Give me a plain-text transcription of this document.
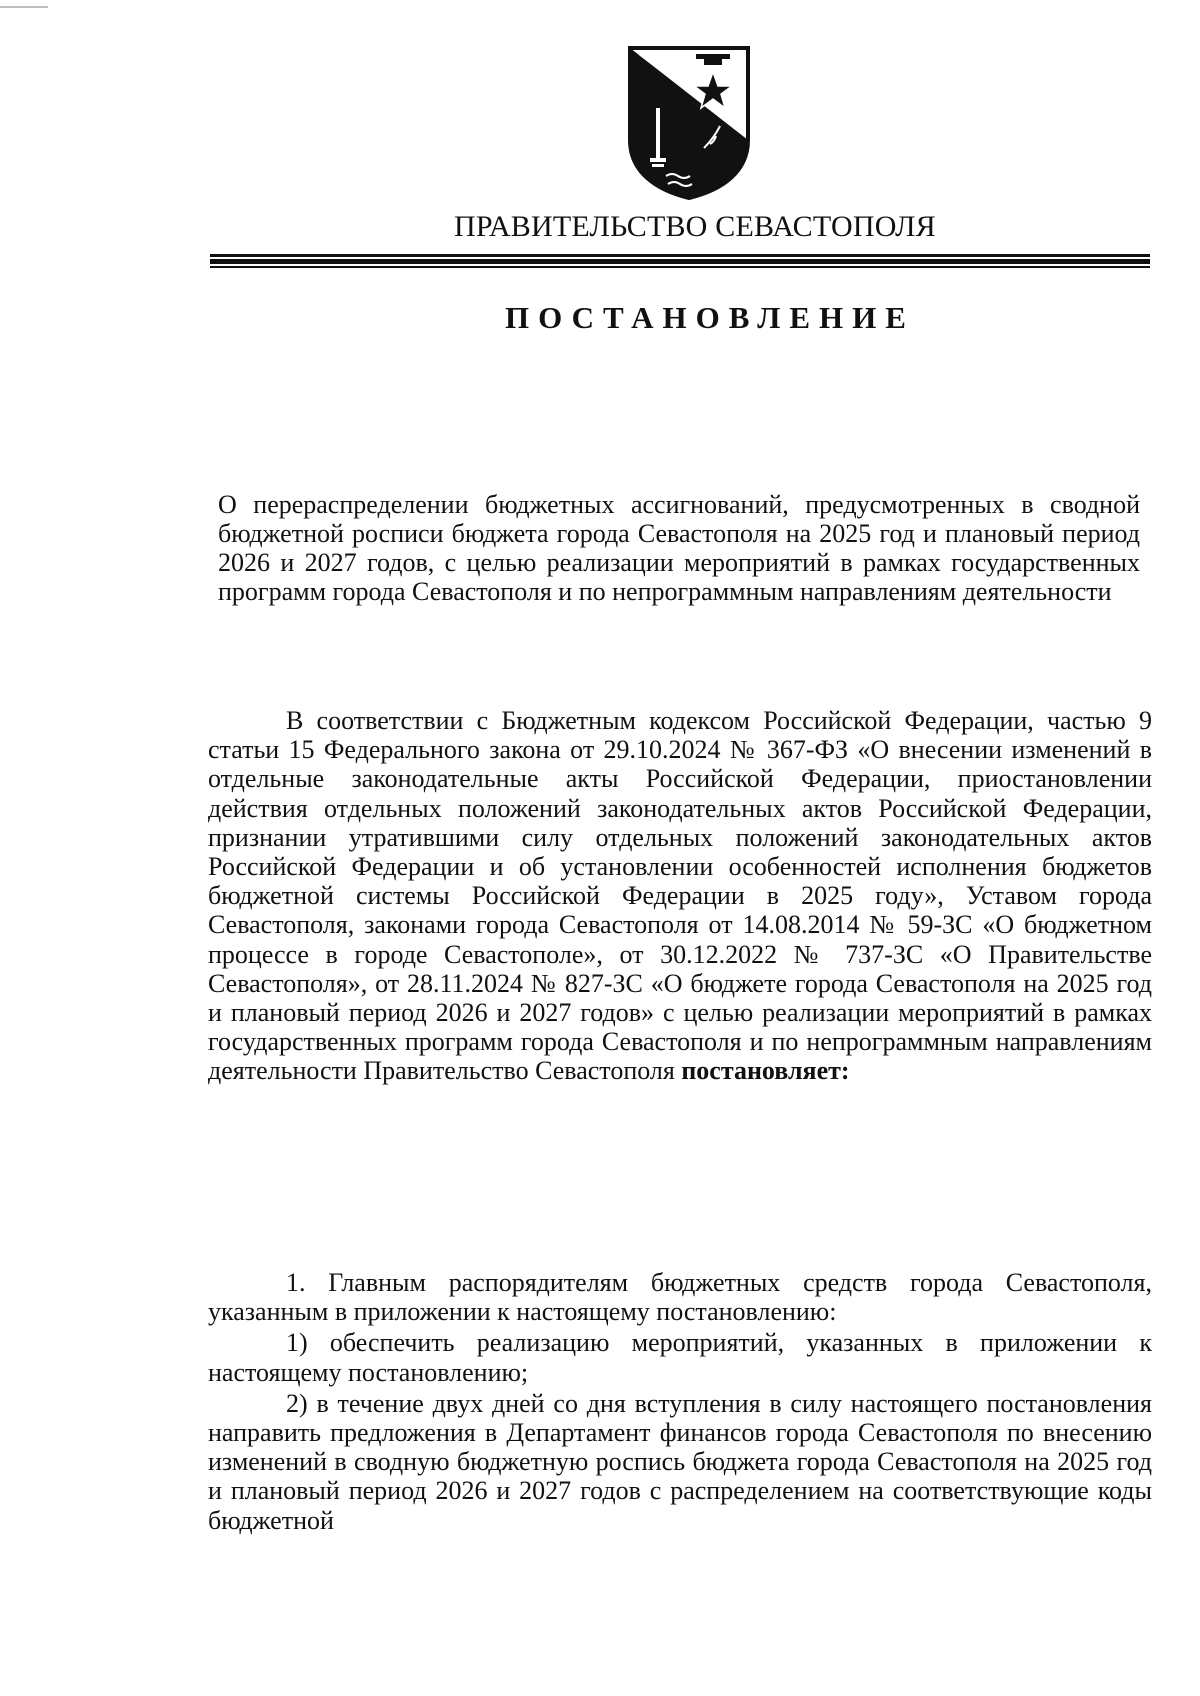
ПРАВИТЕЛЬСТВО СЕВАСТОПОЛЯ
ПОСТАНОВЛЕНИЕ
О перераспределении бюджетных ассигнований, предусмотренных в сводной бюджетной росписи бюджета города Севастополя на 2025 год и плановый период 2026 и 2027 годов, с целью реализации мероприятий в рамках государственных программ города Севастополя и по непрограммным направлениям деятельности

В соответствии с Бюджетным кодексом Российской Федерации, частью 9 статьи 15 Федерального закона от 29.10.2024 № 367-ФЗ «О внесении изменений в отдельные законодательные акты Российской Федерации, приостановлении действия отдельных положений законодательных актов Российской Федерации, признании утратившими силу отдельных положений законодательных актов Российской Федерации и об установлении особенностей исполнения бюджетов бюджетной системы Российской Федерации в 2025 году», Уставом города Севастополя, законами города Севастополя от 14.08.2014 № 59-ЗС «О бюджетном процессе в городе Севастополе», от 30.12.2022 № 737-ЗС «О Правительстве Севастополя», от 28.11.2024 № 827-ЗС «О бюджете города Севастополя на 2025 год и плановый период 2026 и 2027 годов» с целью реализации мероприятий в рамках государственных программ города Севастополя и по непрограммным направлениям деятельности Правительство Севастополя постановляет:

1. Главным распорядителям бюджетных средств города Севастополя, указанным в приложении к настоящему постановлению:

1) обеспечить реализацию мероприятий, указанных в приложении к настоящему постановлению;

2) в течение двух дней со дня вступления в силу настоящего постановления направить предложения в Департамент финансов города Севастополя по внесению изменений в сводную бюджетную роспись бюджета города Севастополя на 2025 год и плановый период 2026 и 2027 годов с распределением на соответствующие коды бюджетной
